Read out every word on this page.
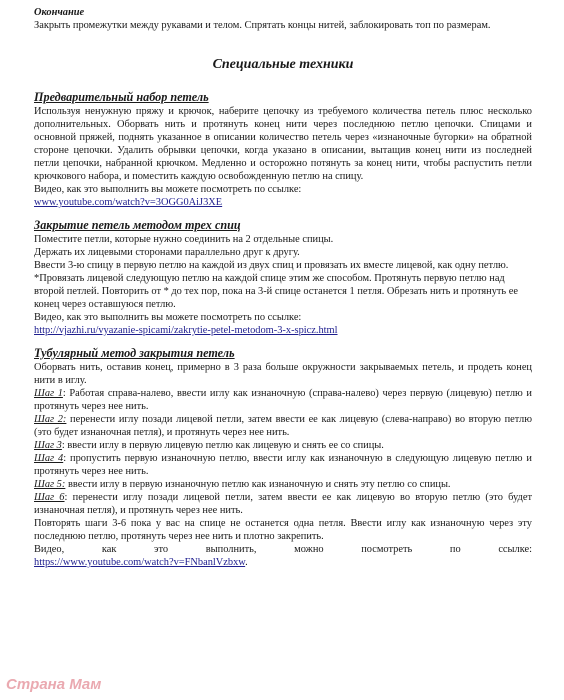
Окончание

Закрыть промежутки между рукавами и телом. Спрятать концы нитей, заблокировать топ по размерам.

Специальные техники

Предварительный набор петель

Используя ненужную пряжу и крючок, наберите цепочку из требуемого количества петель плюс несколько дополнительных. Оборвать нить и протянуть конец нити через последнюю петлю цепочки. Спицами и основной пряжей, поднять указанное в описании количество петель через «изнаночные бугорки» на обратной стороне цепочки. Удалить обрывки цепочки, когда указано в описании, вытащив конец нити из последней петли цепочки, набранной крючком. Медленно и осторожно потянуть за конец нити, чтобы распустить петли крючкового набора, и поместить каждую освобожденную петлю на спицу.

Видео, как это выполнить вы можете посмотреть по ссылке:

www.youtube.com/watch?v=3OGG0AiJ3XE

Закрытие петель методом трех спиц

Поместите петли, которые нужно соединить на 2 отдельные спицы.

Держать их лицевыми сторонами параллельно друг к другу.

Ввести 3-ю спицу в первую петлю на каждой из двух спиц и провязать их вместе лицевой, как одну петлю.

*Провязать лицевой следующую петлю на каждой спице этим же способом. Протянуть первую петлю над второй петлей. Повторить от * до тех пор, пока на 3-й спице останется 1 петля. Обрезать нить и протянуть ее конец через оставшуюся петлю.

Видео, как это выполнить вы можете посмотреть по ссылке:

http://vjazhi.ru/vyazanie-spicami/zakrytie-petel-metodom-3-x-spicz.html

Тубулярный метод закрытия петель

Оборвать нить, оставив конец, примерно в 3 раза больше окружности закрываемых петель, и продеть конец нити в иглу.

Шаг 1: Работая справа-налево, ввести иглу как изнаночную (справа-налево) через первую (лицевую) петлю и протянуть через нее нить.

Шаг 2: перенести иглу позади лицевой петли, затем ввести ее как лицевую (слева-направо) во вторую петлю (это будет изнаночная петля), и протянуть через нее нить.

Шаг 3: ввести иглу в первую лицевую петлю как лицевую и снять ее со спицы.

Шаг 4: пропустить первую изнаночную петлю, ввести иглу как изнаночную в следующую лицевую петлю и протянуть через нее нить.

Шаг 5: ввести иглу в первую изнаночную петлю как изнаночную и снять эту петлю со спицы.

Шаг 6: перенести иглу позади лицевой петли, затем ввести ее как лицевую во вторую петлю (это будет изнаночная петля), и протянуть через нее нить.

Повторять шаги 3-6 пока у вас на спице не останется одна петля. Ввести иглу как изнаночную через эту последнюю петлю, протянуть через нее нить и плотно закрепить.

Видео, как это выполнить, можно посмотреть по ссылке:

https://www.youtube.com/watch?v=FNbanlVzbxw.

Страна Мам
